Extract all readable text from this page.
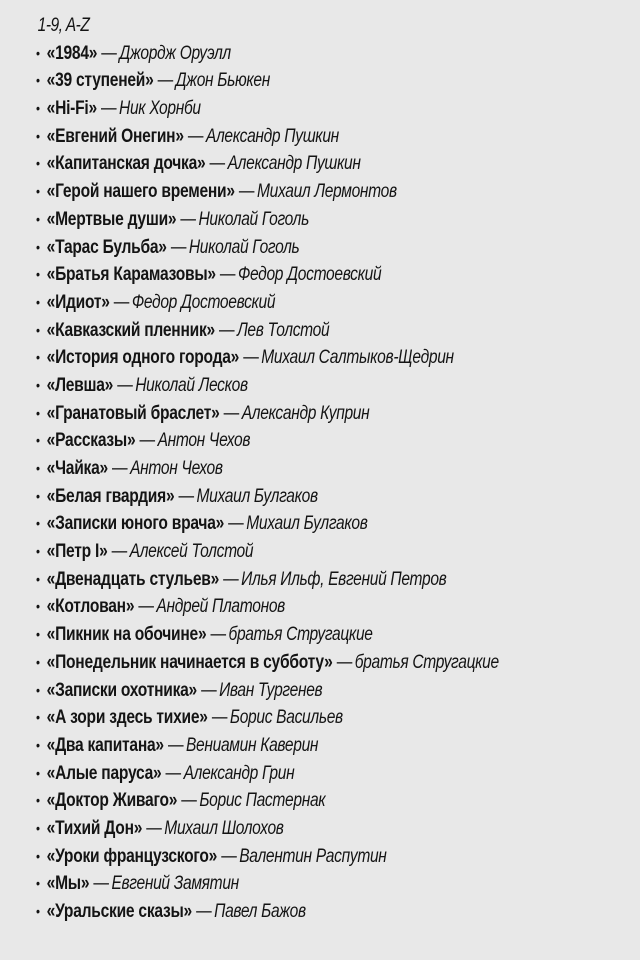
1-9, A-Z
• «1984» — Джордж Оруэлл
• «39 ступеней» — Джон Бьюкен
• «Hi-Fi» — Ник Хорнби
• «Евгений Онегин» — Александр Пушкин
• «Капитанская дочка» — Александр Пушкин
• «Герой нашего времени» — Михаил Лермонтов
• «Мертвые души» — Николай Гоголь
• «Тарас Бульба» — Николай Гоголь
• «Братья Карамазовы» — Федор Достоевский
• «Идиот» — Федор Достоевский
• «Кавказский пленник» — Лев Толстой
• «История одного города» — Михаил Салтыков-Щедрин
• «Левша» — Николай Лесков
• «Гранатовый браслет» — Александр Куприн
• «Рассказы» — Антон Чехов
• «Чайка» — Антон Чехов
• «Белая гвардия» — Михаил Булгаков
• «Записки юного врача» — Михаил Булгаков
• «Петр I» — Алексей Толстой
• «Двенадцать стульев» — Илья Ильф, Евгений Петров
• «Котлован» — Андрей Платонов
• «Пикник на обочине» — братья Стругацкие
• «Понедельник начинается в субботу» — братья Стругацкие
• «Записки охотника» — Иван Тургенев
• «А зори здесь тихие» — Борис Васильев
• «Два капитана» — Вениамин Каверин
• «Алые паруса» — Александр Грин
• «Доктор Живаго» — Борис Пастернак
• «Тихий Дон» — Михаил Шолохов
• «Уроки французского» — Валентин Распутин
• «Мы» — Евгений Замятин
• «Уральские сказы» — Павел Бажов
